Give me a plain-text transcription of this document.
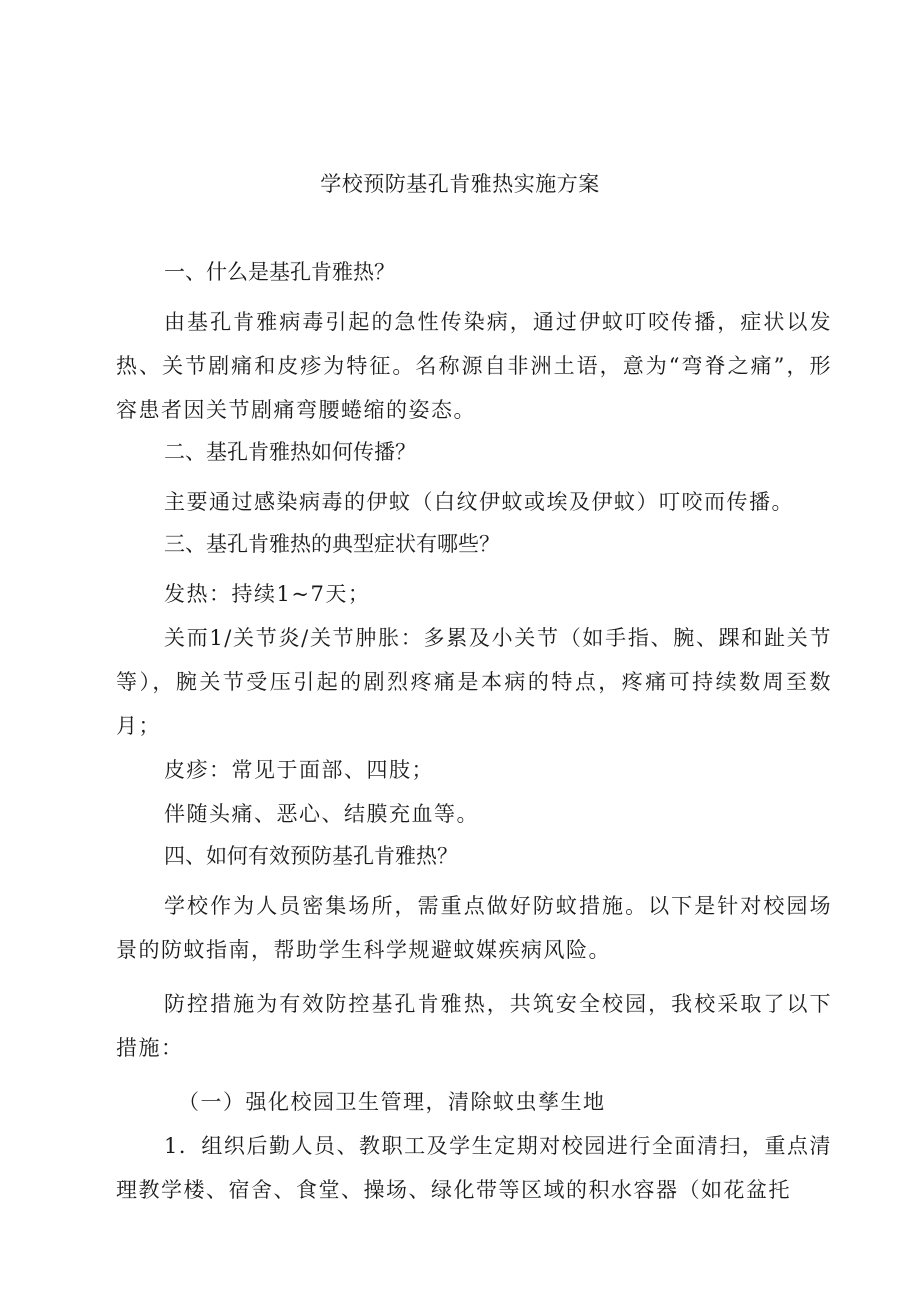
学校预防基孔肯雅热实施方案
一、什么是基孔肯雅热？

由基孔肯雅病毒引起的急性传染病，通过伊蚊叮咬传播，症状以发热、关节剧痛和皮疹为特征。名称源自非洲土语，意为“弯脊之痛”，形容患者因关节剧痛弯腰蜷缩的姿态。

二、基孔肯雅热如何传播？

主要通过感染病毒的伊蚊（白纹伊蚊或埃及伊蚊）叮咬而传播。

三、基孔肯雅热的典型症状有哪些？

发热：持续1~7天；

关而1/关节炎/关节肿胀：多累及小关节（如手指、腕、踝和趾关节等），腕关节受压引起的剧烈疼痛是本病的特点，疼痛可持续数周至数月；

皮疹：常见于面部、四肢；

伴随头痛、恶心、结膜充血等。

四、如何有效预防基孔肯雅热？

学校作为人员密集场所，需重点做好防蚊措施。以下是针对校园场景的防蚊指南，帮助学生科学规避蚊媒疾病风险。

防控措施为有效防控基孔肯雅热，共筑安全校园，我校采取了以下措施：

（一）强化校园卫生管理，清除蚊虫孳生地

1．组织后勤人员、教职工及学生定期对校园进行全面清扫，重点清理教学楼、宿舍、食堂、操场、绿化带等区域的积水容器（如花盆托
